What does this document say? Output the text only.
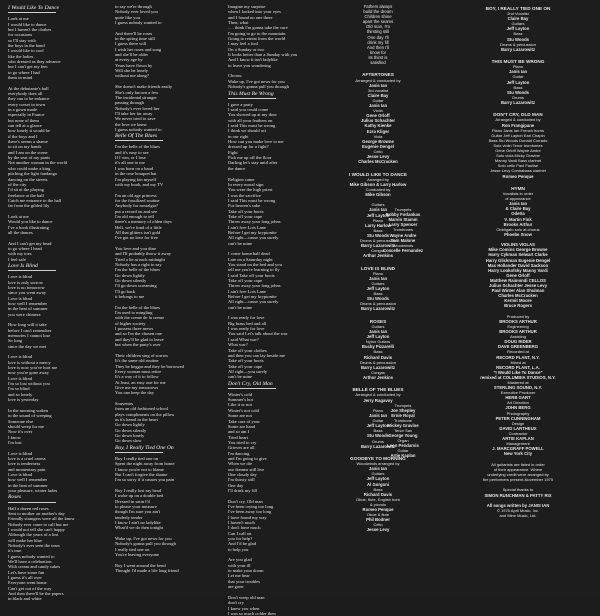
I Would Like To Dance

Look at me

I would like to dance

but I haven't the clothes

for occasions

so I'll stay with

the boys in the band

I would like to cool

like the ladies

who dressed as they advance

but I can't get my feet

to go where I had

them in mind

At the debutante's ball

everybody does all

they can to be enhance

every corset in town

in a gown made

especially in France

but none of them

can tell at a glance

how lonely it would be

if the boys and I

there's seems a shame

to sit on my hands

and I am on the scene

by the seat of my pants

Not another woman in the world

who could make a king

pitching the light fandango

dancing on the streets

of the city

I'd sit at the playing

freelance at the ball

Catch me entrance to the hall

far from the gilded lily

Look at me

Would you like to dance

I've a book illustrating

all the dances

And I can't get my head

to go where I head

with my toes

I feel safe

Love Is Blind

Love is blind

love is only sorrow

love is no tomorrow

since you went away

Love is blind

how well I remember

in the heat of summer

you were chimera

How long will it take

before I can't remember

memories I cannot lose

So long

since the day we met

Love is blind

love is without a mercy

love is now you've hurt me

now you're gone away

Love is blind

I'm so lost without you

I'm so blind

and so lonely

love is yesterday

In the morning waken

to the sound of weeping

Someone else

should weep for me

Now it's over

I know

I'm lost

Love is blind

love is a cruel caress

love is tenderness

and momentary pain

Love is blind

how well I remember

in the heat of summer

your pleasure, winter fades

Roses

Half a dozen red roses

Sent to mother on mother's day

Friendly strangers were all the know

Nobody ever came to call but me

I would not tell she can't happy

Although the years of a lost

will make her blue

Nobody's ever seen the tears

it's true

I guess nobody wanted to

We'll have a celebration

With cream and candy cakes

Let's have some fun

I guess it's all over

Everyone went home

Can't get out of the way

And then there'll be the papers

in black and white

to say we're through

Nobody ever loved you

quite like you

I guess nobody wanted to

And there'll be roses

in the spring time still

I guess there will

I wish her roses and song

and she'll be older

at every age by

Years have flown by

Will she be lonely

without me along?

She doesn't make friends easily

She's only known a few

The incidental stranger

passing through

Nobody's ever loved her

I'll take her far away

We never tried to save

the love we knew

I guess nobody wanted to

Belle Of The Blues

I'm the belle of the blues

and it's easy to see

If I win, or I lose

it's all one to me

I was born on a baud

in the rose bouquet hat

I'm playing fan myself

with my book, and my TV

I'm an old age princess

for the fossilized routine

Anybody for nostalgia?

put a record on and see

I'm old enough to tell

there's a memory of olden days

Hell, we're fond of a little

All that glitters isn't gold

I've got no love for free

You love and you dine

and I'll probably throw it away

Tried a lie at each midnight

Nobody has a right to say

I'm the belle of the blues

Go down lightly

Go down silently

I'll go down screaming

I'll go back

it belongs to me

I'm the belle of the blues

I'm used to mingling

with the creme de la creme

of higher society

I possess three mews

and so I'm the chosen one

and they'll be glad to leave

but when the party's over

Their children sing of sorrow

It's the same old routine

They be beggar and they be borrowed

Every woman must retire

It's a way of it to follow

At least, an easy one for me

Give me my tomorrows

You can keep the day

Souvenirs

from an old fashioned school

plays compliments on the pillow

as it's heard in the heart

Go down lightly

Go down silently

Go down lonely

Go down slow

Boy, I Really Tied One On

Boy I really tied one on

Spent the night away from home

I know you're not to blame

But I can't forgive the shame

I'm so sorry if it causes you pain

Boy I really lost my head

I woke up on a double bed

Dressed in satin I'd

to please your measure

though I'm sure you ain't

tenderly tender

I know I ain't no ladylike

What'd we do then tonight

Wake up, I've got news for you

Nobody's gonna pull you through

I really tied one on

You're leaving everyone

Boy I went around the bend

Thought I'd made a life long friend

Imagine my surprise

when I looked into your eyes

and I found no one there

Then, what

. . . think I'm gonna take the cure

I'm going to go to the mountain

Going to retreat from the world

I may feel a fool

On a Sunday or two

It looks better than a Sunday with you

And I know it isn't ladylike

to leave you wondering

Chorus:

Wake up, I've got news for you

Nobody's gonna pull you through

This Must Be Wrong

I gave a party

I said you could come

You showed up at my door

with all your feathers on

I said This must be wrong

I think we should act

in our right

How can you make love to me

dressed up for a fight?

Fight

Pick me up off the floor

Darling let's stay until after

the dance

Religion came

In every moral sign

You were the high priest

I was the sacrifice

I said This must be wrong

For heaven's sake

Take off your boots

Take off your cape

Throw away your long johns

I ain't free Lois Lane

Before I get my kryptonite

All right—cause you surely

can't be mine

I come home half dead

Late on a Saturday night

You stand on the bed and you

tell me you're learning to fly

I said Take off your boots

Take off your cape

Throw away your long johns

I ain't free Lois Lane

Before I get my kryptonite

All right—cause you surely

can't be mine

I was ready for love

Big brass bed and all

I was ready for love

You said Let's talk about the war

I said What war?

What war?

Take off your clothes

and then you can lay beside me

Take off your boots

Take off your cape

All right—you surely

can't be mine

Don't Cry, Old Man

Winter's cold

Summer's hot

Like it or not

Winter's not cold

Some are not

Take care of your

Some are hand

and so am I

Tried heart

You tried to cry

Grieves are all

I'm dancing

and I'm going to give

When we die

our dreams still live

One cloudy day

I'm thirsty still

One day

I'll drink my fill

Don't cry, Old man

I've been crying too long

I've been away too long

I have found my way

I haven't much

I don't have much

Can I call on

you for help?

And I'd be glad

to help you

Are you glad

with your ill

to make your doom

Let me hear

that your troubles

are gone

Don't weep old man

don't cry

I knew you when

I was so much colder then

Fathers always

build the dream

Children shine

apart the seams

Old man, I'm

thirsting still

One day I'll

drink my fill

And then I'll

know for

its thirst is

satisfied

AFTERTONES

Arranged & conducted by

Janis Ian

3rd vocalist

Claire Bay

Guitar

Janis Ian

Violin

Gene Orloff

Julius Schachter

Kathy Kienke

Ezra Kliger

Viola

George Browne

Eugenie Dengel

Cello

Jesse Levy

Charles McCracken

I WOULD LIKE TO DANCE

Arranged by

Mike Gibson & Larry Harlow

Conducted by

Mike Gibson

Guitars

Janis Ian

Jeff Layton

Piano

Larry Harlow

Bass

Stu Woods

Drums & percussion

Barry Lazarowitz

Congas

Arthur Jenkins

LOVE IS BLIND

Piano

Janis Ian

Guitars

Jeff Layton

Bass

Stu Woods

Drums & percussion

Barry Lazarowitz

ROSES

Guitars

Janis Ian

Jeff Layton

Nylon Guitars

Bucky Pizzarelli

Bass

Richard Davis

Drums & percussion

Barry Lazarowitz

Congas

Arthur Jenkins

BELLE OF THE BLUES

Arranged & conducted by

Jerry Ragavoy

Piano

Janis Ian

Guitar

Jeff Layton

Bass

Stu Woods

Drums

Barry Lazarowitz

GOODBYE TO MORNING

Woodwinds arranged by

Janis Ian

Guitars

Jeff Layton

Al Gorgoni

Bass

Richard Davis

Oboe, flute, English horn

& piccolo

Romeo Penque

Oboe & flute

Phil Bodner

Cello

Jesse Levy

Trumpets

Bobby Forlankas

Marvin Stamm

Larry Spencer

Trombones

Wayne Andre

Tom Malone

Woodwinds

Coscelle Fernandez

Trumpets

Joe Shepley

Ernie Royal

Trombone

Mickey Gravine

Tenor Sax

George Young

Organ

Leon Pendarvis

Guitar

Artie Kaplan

BOY, I REALLY TIED ONE ON

2nd Vocalist

Claire Bay

Guitars

Jeff Layton

Bass

Stu Woods

Drums & percussion

Barry Lazarowitz

THIS MUST BE WRONG

Piano

Janis Ian

Guitar

Jeff Layton

Bass

Stu Woods

Drums

Barry Lazarowitz

DON'T CRY, OLD MAN

Arranged & conducted by

Ron Frangipane

Piano Janis Ian French horns

Guitar Jeff Layton Earl Chapin

Bass Stu Woods Donald Corrado

Solo violin Tenor trombones

Gene Orloff Wayne Andre

Solo viola Micky Gravine

Manny Vardi Bass clarinet

Solo cello Paul Faulise

Jesse Levy Contrabass clarinet

Romeo Penque

HYMN

Vocalists in order

of appearance

Janis Ian

& Claire Bay

Odetta

V. Martin Fink

Brooks Arthur

Obbligato solo at chorus

Phoebe Snow

VIOLINS VIOLAS

Mike Comins George Browne

Harry Cykman Selwart Clarke

Harry Glickman Eugenie Dengel

Max Hollander David Sackson

Harry Lookofsky Manny Vardi

Gene Orloff

Matthew Raimondi CELLOS

Julius Schachter Jesse Levy

Paul Winter Alan Shulman

Charles McCracken

Kermit Moore

Bruce Rogers

Produced by

BROOKS ARTHUR

Engineering

BROOKS ARTHUR

Assisting

DOUG RIDER

DAVE GREENBERG

Recorded at

RECORD PLANT, N.Y.

Mixed at

RECORD PLANT, L.A.

"I Would Like To Dance"

remixed at COLUMBIA STUDIOS, N.Y.

Mastered at

STERLING SOUND, N.Y.

Executive Producer

HERB GART

Art Direction

JOHN BERG

Photography

PETER CUNNINGHAM

Design

DAVID LARTHEUX

Contractor

ARTIE KAPLAN

Management

J. MARCGRAFF POWELL

New York City

All guitarists are listed in order

of their appearance. Where

underlying credit were arranged by

the performers present-November 1975

Special thanks to

SIMON RUNCHMAN & PATTY RIX

All songs written by JANIS IAN

© 1975 April Music, Inc.

and Mine Music, Ltd.
